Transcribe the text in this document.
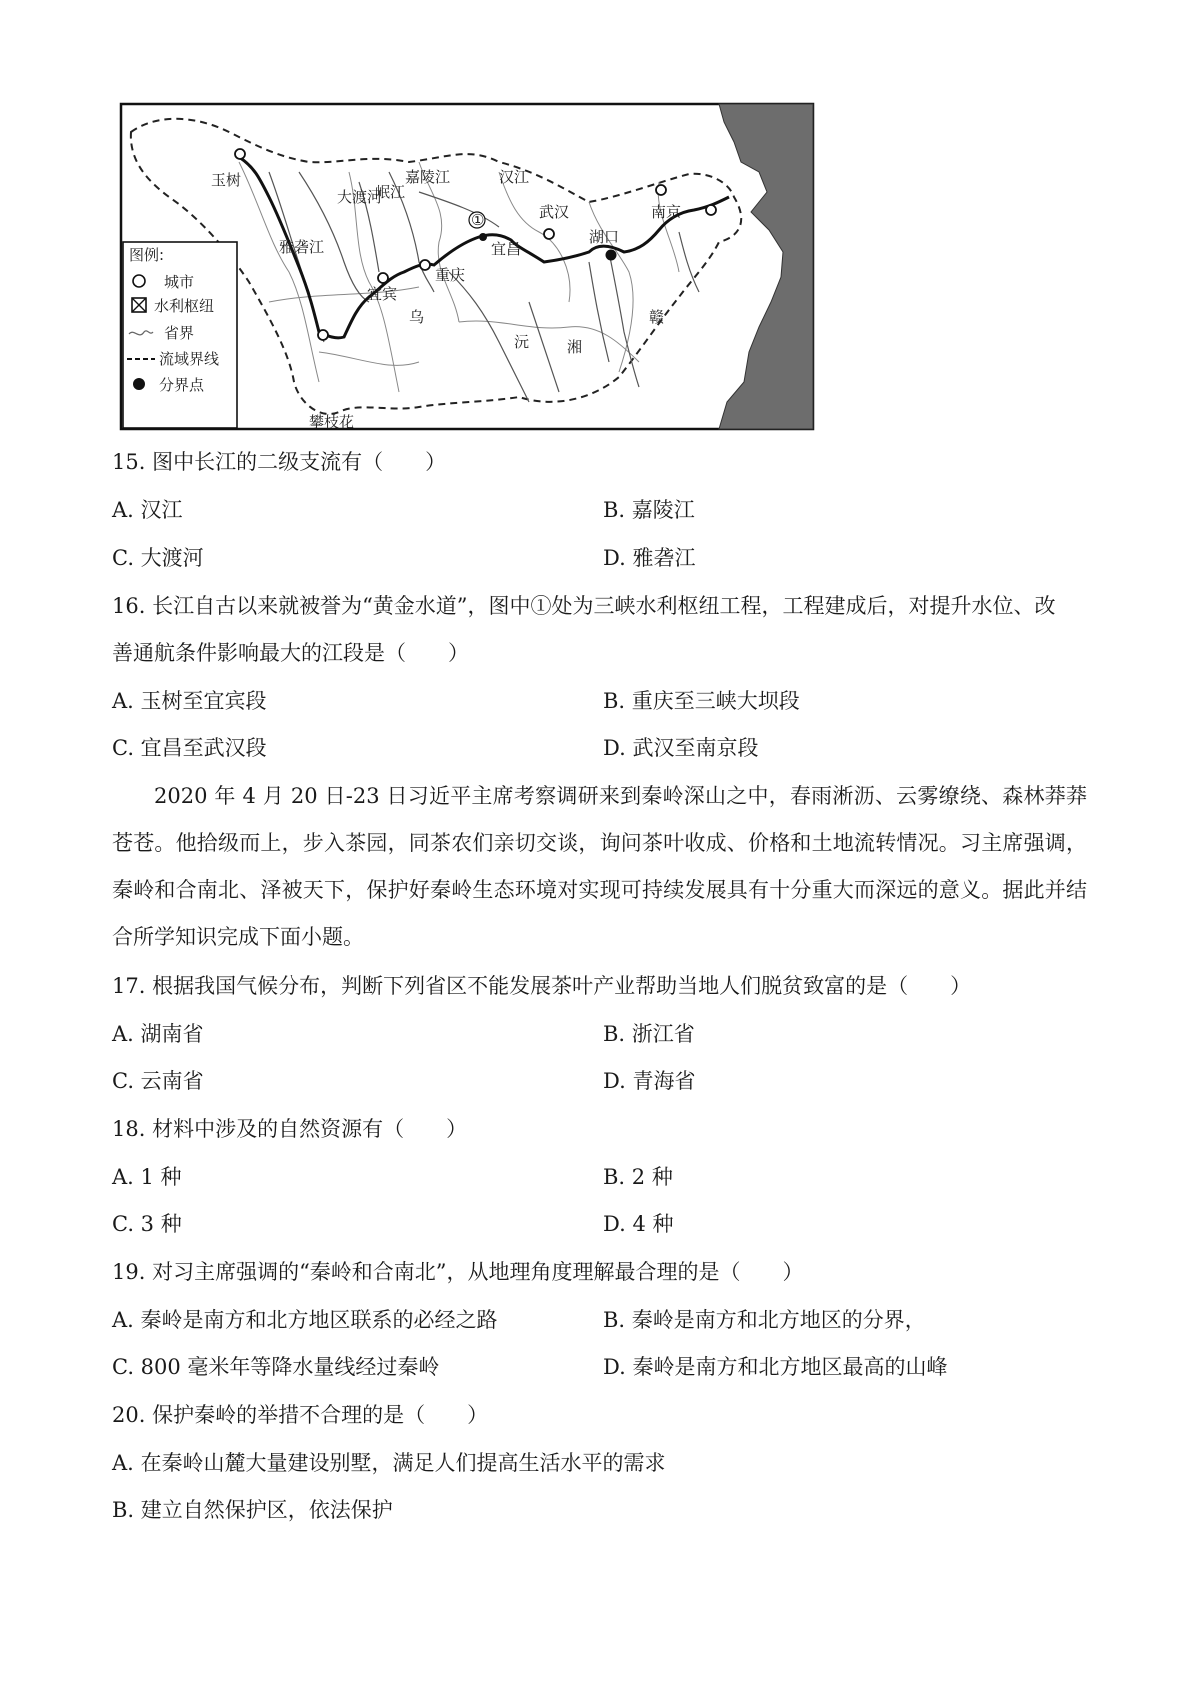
①
玉树
攀枝花
宜宾
重庆
宜昌
武汉	南京
湖口
大渡河
岷江
嘉陵江	汉江
雅砻江
乌
沅	湘
赣
图例:
城市
水利枢纽
省界
流域界线
分界点
15. 图中长江的二级支流有（　　）
A. 汉江	B. 嘉陵江
C. 大渡河	D. 雅砻江
16. 长江自古以来就被誉为“黄金水道”，图中①处为三峡水利枢纽工程，工程建成后，对提升水位、改
善通航条件影响最大的江段是（　　）
A. 玉树至宜宾段	B. 重庆至三峡大坝段
C. 宜昌至武汉段	D. 武汉至南京段

2020 年 4 月 20 日-23 日习近平主席考察调研来到秦岭深山之中，春雨淅沥、云雾缭绕、森林莽莽苍苍。他拾级而上，步入茶园，同茶农们亲切交谈，询问茶叶收成、价格和土地流转情况。习主席强调，秦岭和合南北、泽被天下，保护好秦岭生态环境对实现可持续发展具有十分重大而深远的意义。据此并结合所学知识完成下面小题。

17. 根据我国气候分布，判断下列省区不能发展茶叶产业帮助当地人们脱贫致富的是（　　）
A. 湖南省	B. 浙江省
C. 云南省	D. 青海省
18. 材料中涉及的自然资源有（　　）
A. 1 种	B. 2 种
C. 3 种	D. 4 种
19. 对习主席强调的“秦岭和合南北”，从地理角度理解最合理的是（　　）
A. 秦岭是南方和北方地区联系的必经之路	B. 秦岭是南方和北方地区的分界，
C. 800 毫米年等降水量线经过秦岭	D. 秦岭是南方和北方地区最高的山峰
20. 保护秦岭的举措不合理的是（　　）
A. 在秦岭山麓大量建设别墅，满足人们提高生活水平的需求
B. 建立自然保护区，依法保护
